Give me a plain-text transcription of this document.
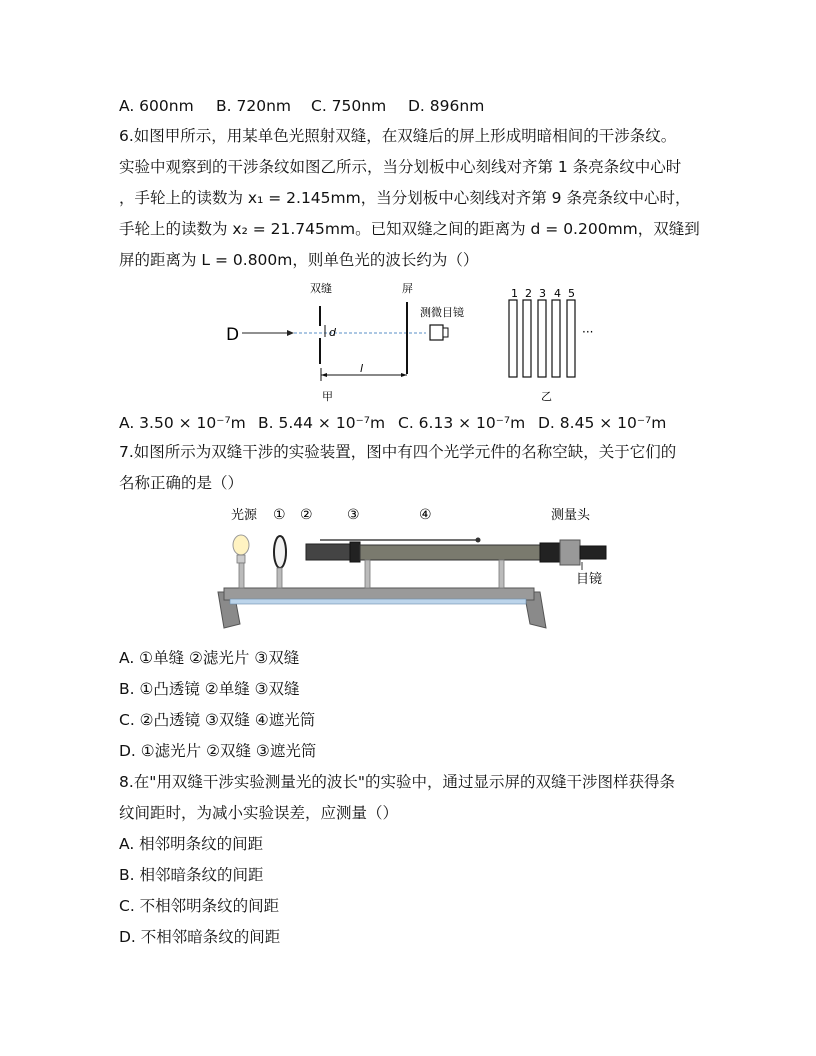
A. 600nm B. 720nm C. 750nm D. 896nm
6.如图甲所示，用某单色光照射双缝，在双缝后的屏上形成明暗相间的干涉条纹。
实验中观察到的干涉条纹如图乙所示，当分划板中心刻线对齐第 1 条亮条纹中心时
，手轮上的读数为 x₁ = 2.145mm，当分划板中心刻线对齐第 9 条亮条纹中心时，
手轮上的读数为 x₂ = 21.745mm。已知双缝之间的距离为 d = 0.200mm，双缝到
屏的距离为 L = 0.800m，则单色光的波长约为（）
D	d
双缝	屏
测微目镜
l
甲
1 2 3 4 5
···
乙
A. 3.50 × 10⁻⁷m B. 5.44 × 10⁻⁷m C. 6.13 × 10⁻⁷m D. 8.45 × 10⁻⁷m
7.如图所示为双缝干涉的实验装置，图中有四个光学元件的名称空缺，关于它们的
名称正确的是（）
光源 ① ② ③	④	测量头
目镜
A. ①单缝 ②滤光片 ③双缝
B. ①凸透镜 ②单缝 ③双缝
C. ②凸透镜 ③双缝 ④遮光筒
D. ①滤光片 ②双缝 ③遮光筒
8.在"用双缝干涉实验测量光的波长"的实验中，通过显示屏的双缝干涉图样获得条
纹间距时，为减小实验误差，应测量（）
A. 相邻明条纹的间距
B. 相邻暗条纹的间距
C. 不相邻明条纹的间距
D. 不相邻暗条纹的间距
